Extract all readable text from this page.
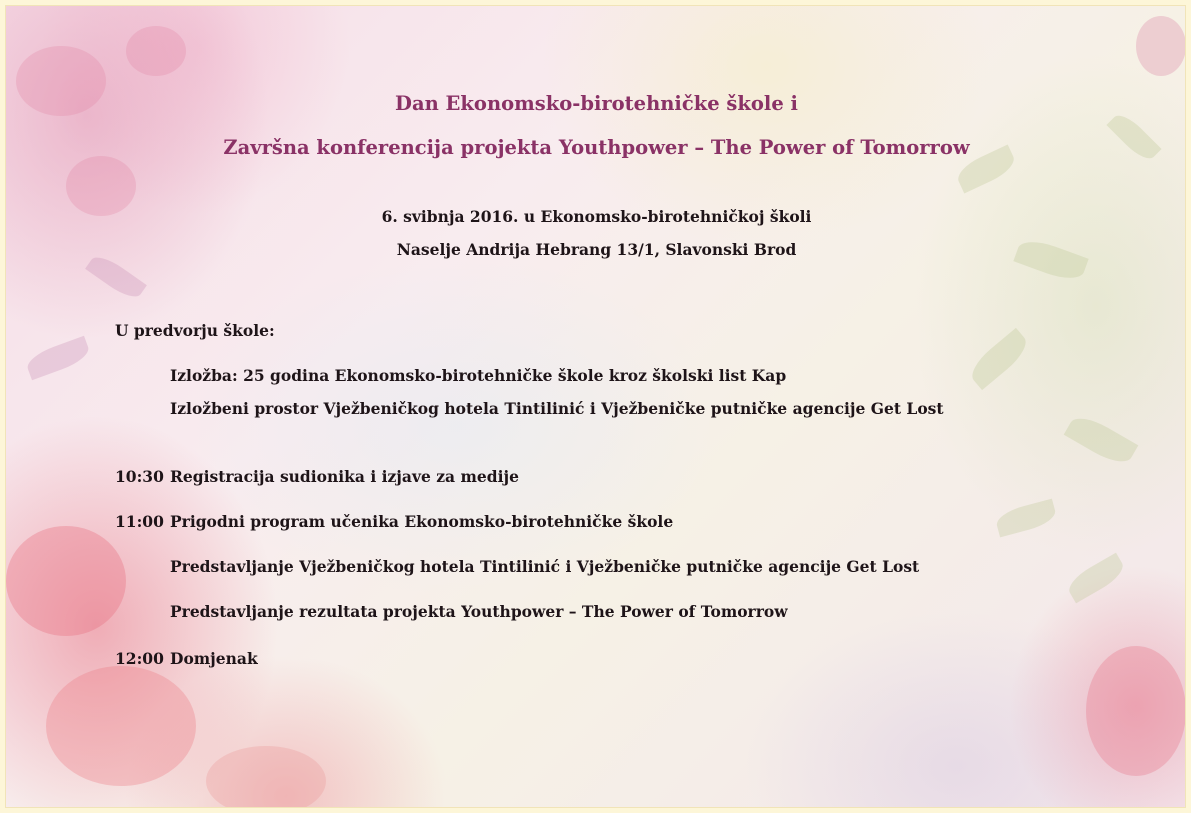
Dan Ekonomsko-birotehničke škole i
Završna konferencija projekta Youthpower – The Power of Tomorrow
6. svibnja 2016. u Ekonomsko-birotehničkoj školi
Naselje Andrija Hebrang 13/1, Slavonski Brod
U predvorju škole:
Izložba: 25 godina Ekonomsko-birotehničke škole kroz školski list Kap
Izložbeni prostor Vježbeničkog hotela Tintilinić i Vježbeničke putničke agencije Get Lost
10:30 Registracija sudionika i izjave za medije
11:00 Prigodni program učenika Ekonomsko-birotehničke škole
Predstavljanje Vježbeničkog hotela Tintilinić i Vježbeničke putničke agencije Get Lost
Predstavljanje rezultata projekta Youthpower – The Power of Tomorrow
12:00 Domjenak
